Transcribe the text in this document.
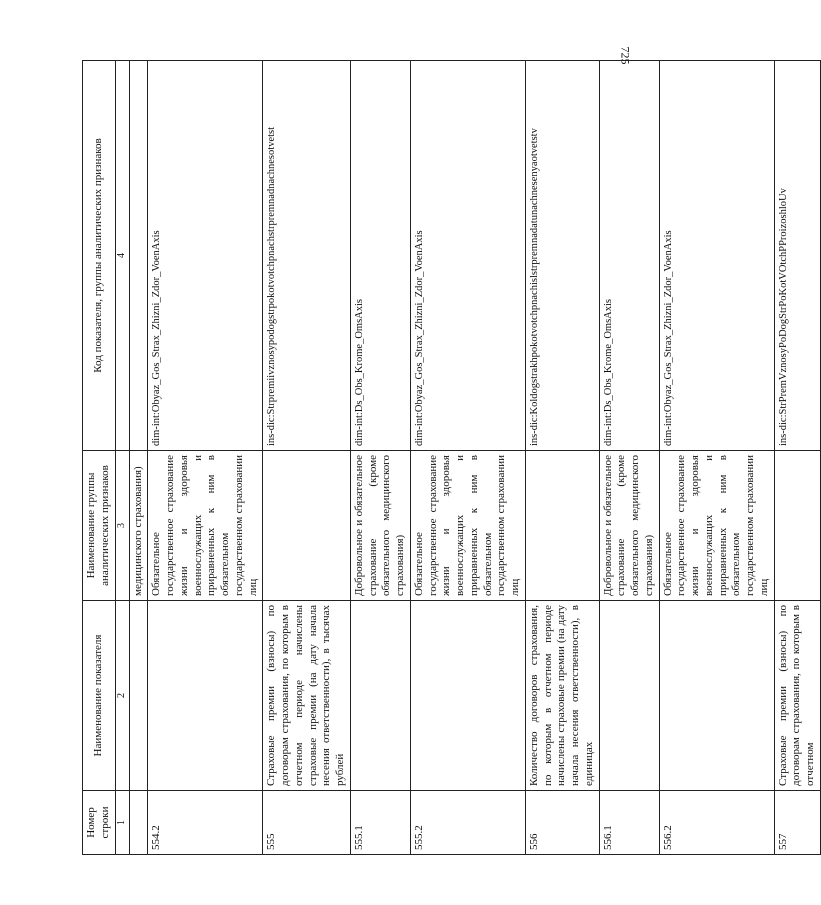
725
Номер строки	Наименование показателя	Наименование группы аналитических признаков	Код показателя, группы аналитических признаков
1	2	3	4
		медицинского страхования)	
554.2		Обязательное государственное страхование жизни и здоровья военнослужащих и приравненных к ним в обязательном государственном страховании лиц	dim-int:Obyaz_Gos_Strax_Zhizni_Zdor_VoenAxis
555	Страховые премии (взносы) по договорам страхования, по которым в отчетном периоде начислены страховые премии (на дату начала несения ответственности), в тысячах рублей		ins-dic:Strpremiivznosypodogstrpokotvotchpnachstrpremnadnachnesotvetst
555.1		Добровольное и обязательное страхование (кроме обязательного медицинского страхования)	dim-int:Ds_Obs_Krome_OmsAxis
555.2		Обязательное государственное страхование жизни и здоровья военнослужащих и приравненных к ним в обязательном государственном страховании лиц	dim-int:Obyaz_Gos_Strax_Zhizni_Zdor_VoenAxis
556	Количество договоров страхования, по которым в отчетном периоде начислены страховые премии (на дату начала несения ответственности), в единицах		ins-dic:Koldogstrakhpokotvotchpnachislstrpremnadatunachnesenyaotvetstv
556.1		Добровольное и обязательное страхование (кроме обязательного медицинского страхования)	dim-int:Ds_Obs_Krome_OmsAxis
556.2		Обязательное государственное страхование жизни и здоровья военнослужащих и приравненных к ним в обязательном государственном страховании лиц	dim-int:Obyaz_Gos_Strax_Zhizni_Zdor_VoenAxis
557	Страховые премии (взносы) по договорам страхования, по которым в отчетном		ins-dic:StrPremVznosyPoDogStrPoKotVOtchPProizoshloUv
